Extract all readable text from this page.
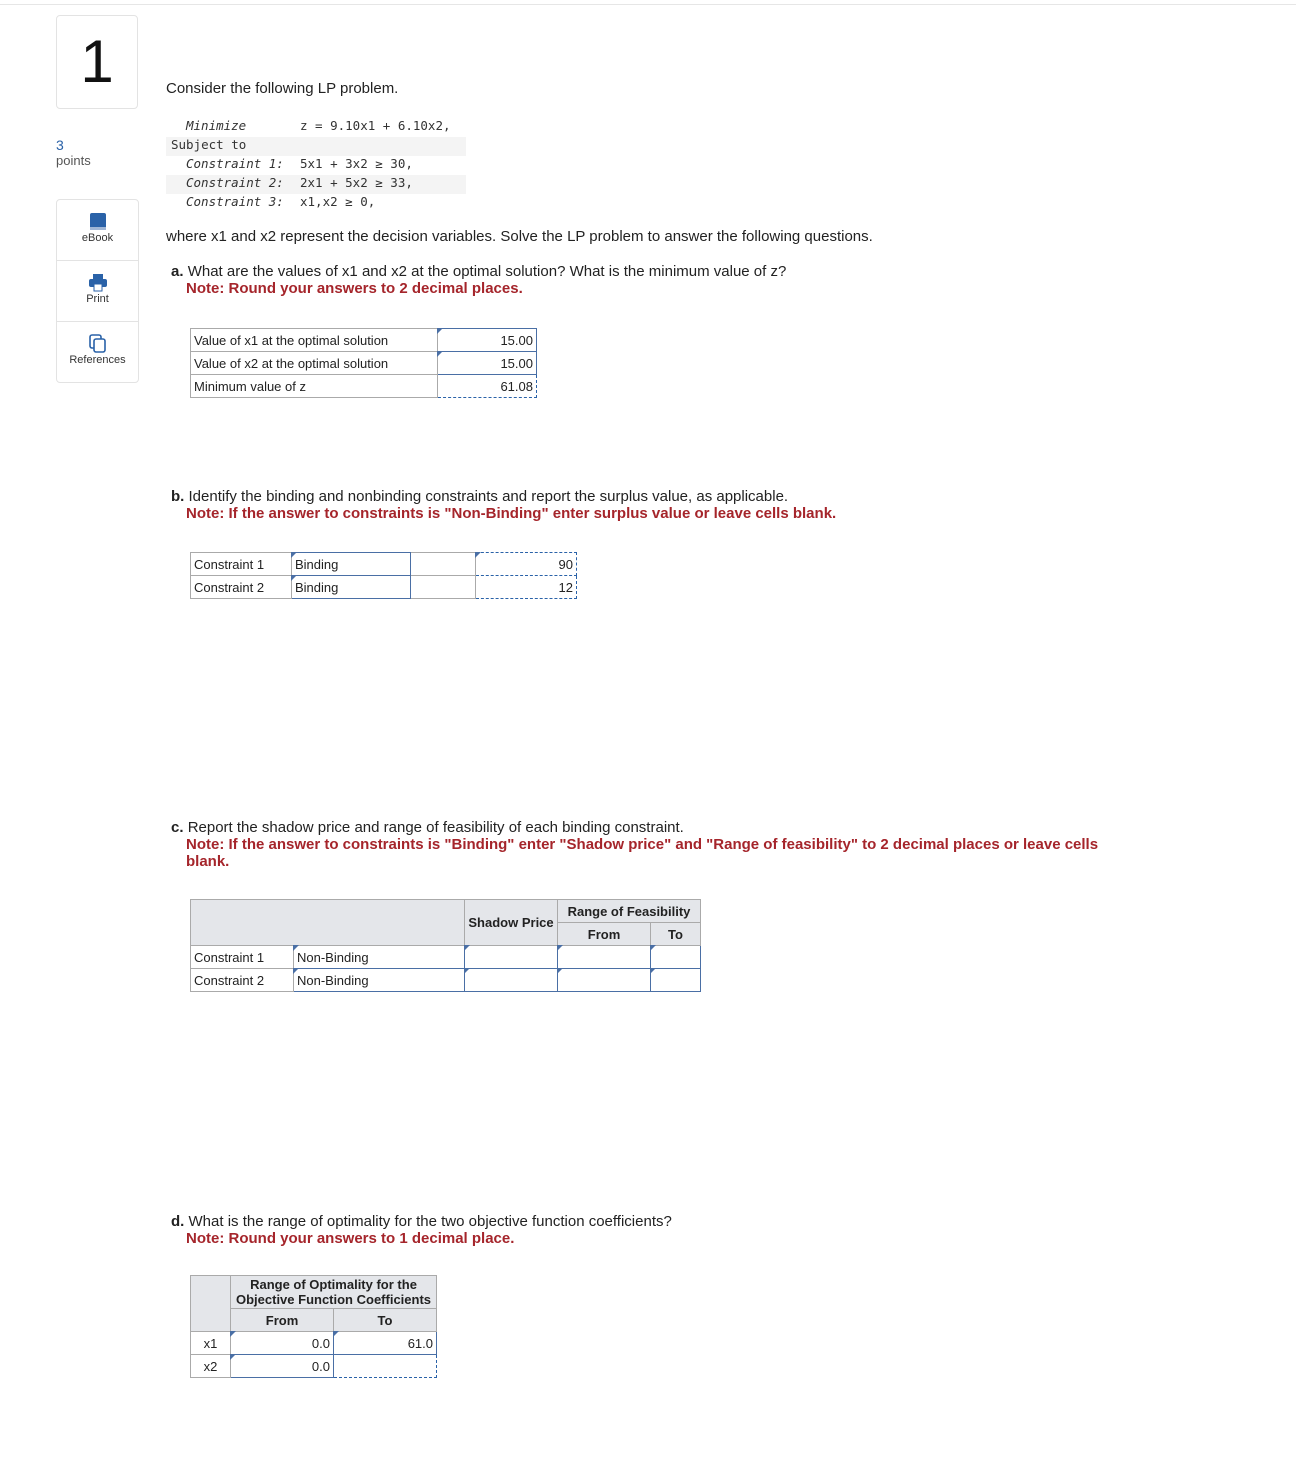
1
3
points
eBook
Print
References
Consider the following LP problem.
Minimize	z = 9.10x1 + 6.10x2,
Subject to
Constraint 1: 5x1 + 3x2 ≥ 30,
Constraint 2: 2x1 + 5x2 ≥ 33,
Constraint 3: x1,x2 ≥ 0,
where x1 and x2 represent the decision variables. Solve the LP problem to answer the following questions.
a. What are the values of x1 and x2 at the optimal solution? What is the minimum value of z?
Note: Round your answers to 2 decimal places.
Value of x1 at the optimal solution	15.00
Value of x2 at the optimal solution	15.00
Minimum value of z	61.08
b. Identify the binding and nonbinding constraints and report the surplus value, as applicable.
Note: If the answer to constraints is "Non-Binding" enter surplus value or leave cells blank.
Constraint 1	Binding		90
Constraint 2	Binding		12
c. Report the shadow price and range of feasibility of each binding constraint.
Note: If the answer to constraints is "Binding" enter "Shadow price" and "Range of feasibility" to 2 decimal places or leave cells
blank.
		Shadow Price	Range of Feasibility	
			From	To
Constraint 1	Non-Binding			
Constraint 2	Non-Binding			
d. What is the range of optimality for the two objective function coefficients?
Note: Round your answers to 1 decimal place.

	Range of Optimality for the
Objective Function Coefficients	

	From	To
x1	0.0	61.0
x2	0.0	
